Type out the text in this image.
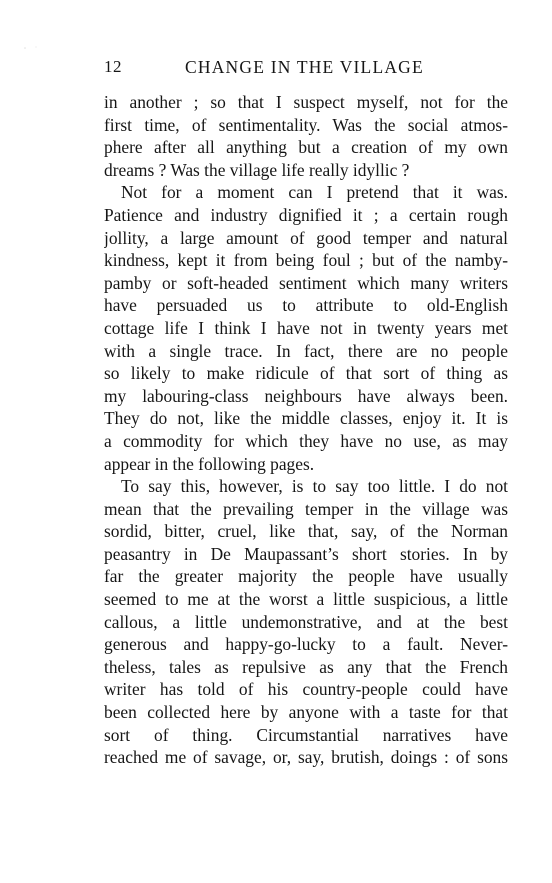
12	CHANGE IN THE VILLAGE
in another ; so that I suspect myself, not for the
first time, of sentimentality. Was the social atmos-
phere after all anything but a creation of my own
dreams ? Was the village life really idyllic ?
Not for a moment can I pretend that it was.
Patience and industry dignified it ; a certain rough
jollity, a large amount of good temper and natural
kindness, kept it from being foul ; but of the namby-
pamby or soft-headed sentiment which many writers
have persuaded us to attribute to old-English
cottage life I think I have not in twenty years met
with a single trace. In fact, there are no people
so likely to make ridicule of that sort of thing as
my labouring-class neighbours have always been.
They do not, like the middle classes, enjoy it. It is
a commodity for which they have no use, as may
appear in the following pages.
To say this, however, is to say too little. I do not
mean that the prevailing temper in the village was
sordid, bitter, cruel, like that, say, of the Norman
peasantry in De Maupassant’s short stories. In by
far the greater majority the people have usually
seemed to me at the worst a little suspicious, a little
callous, a little undemonstrative, and at the best
generous and happy-go-lucky to a fault. Never-
theless, tales as repulsive as any that the French
writer has told of his country-people could have
been collected here by anyone with a taste for that
sort of thing. Circumstantial narratives have
reached me of savage, or, say, brutish, doings : of sons
